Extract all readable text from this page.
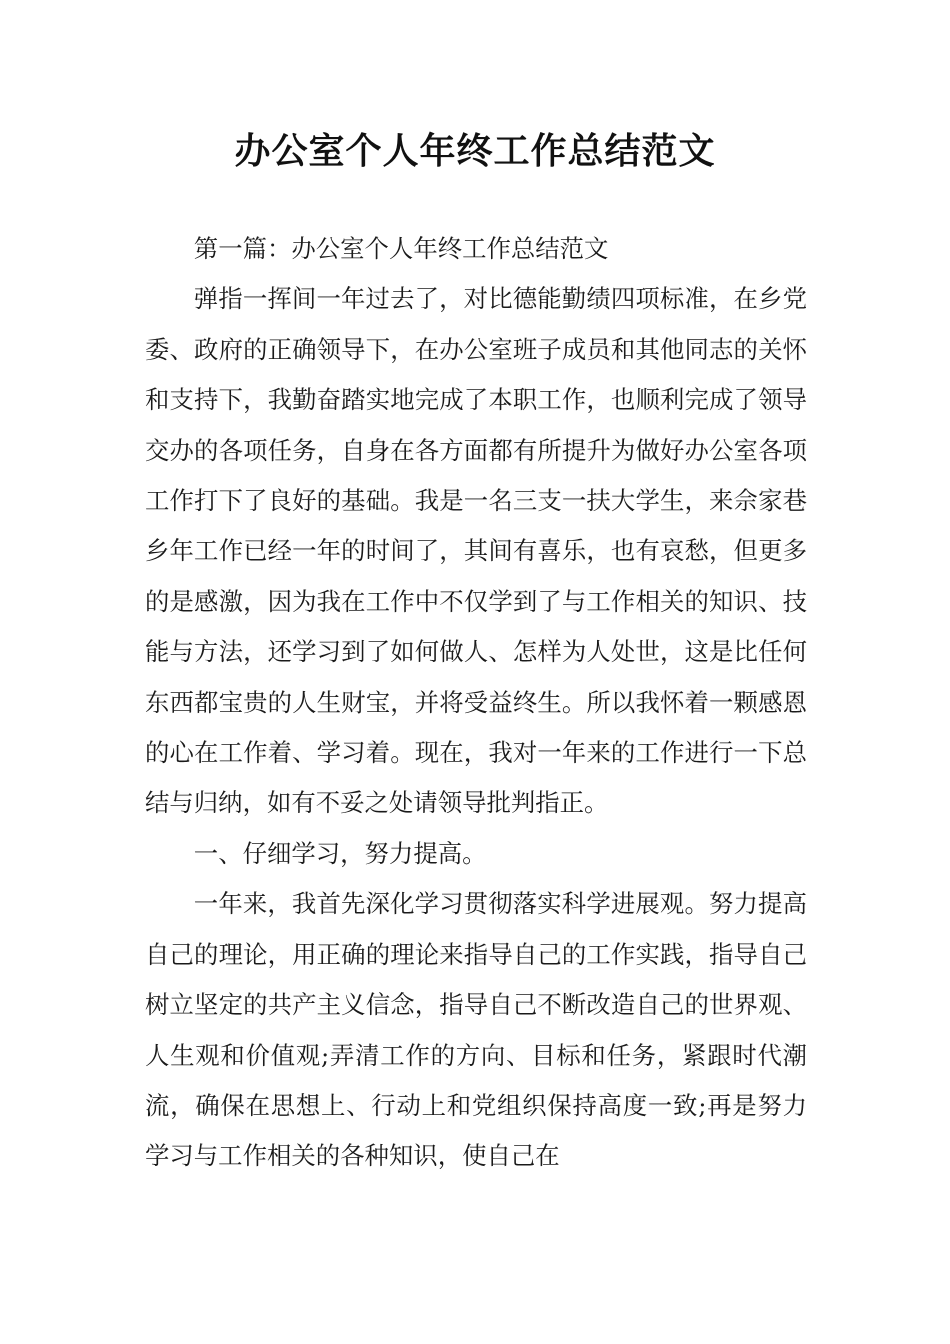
办公室个人年终工作总结范文

第一篇：办公室个人年终工作总结范文

弹指一挥间一年过去了，对比德能勤绩四项标准，在乡党委、政府的正确领导下，在办公室班子成员和其他同志的关怀和支持下，我勤奋踏实地完成了本职工作，也顺利完成了领导交办的各项任务，自身在各方面都有所提升为做好办公室各项工作打下了良好的基础。我是一名三支一扶大学生，来佘家巷乡年工作已经一年的时间了，其间有喜乐，也有哀愁，但更多的是感激，因为我在工作中不仅学到了与工作相关的知识、技能与方法，还学习到了如何做人、怎样为人处世，这是比任何东西都宝贵的人生财宝，并将受益终生。所以我怀着一颗感恩的心在工作着、学习着。现在，我对一年来的工作进行一下总结与归纳，如有不妥之处请领导批判指正。

一、仔细学习，努力提高。

一年来，我首先深化学习贯彻落实科学进展观。努力提高自己的理论，用正确的理论来指导自己的工作实践，指导自己树立坚定的共产主义信念，指导自己不断改造自己的世界观、人生观和价值观;弄清工作的方向、目标和任务，紧跟时代潮流，确保在思想上、行动上和党组织保持高度一致;再是努力学习与工作相关的各种知识，使自己在
